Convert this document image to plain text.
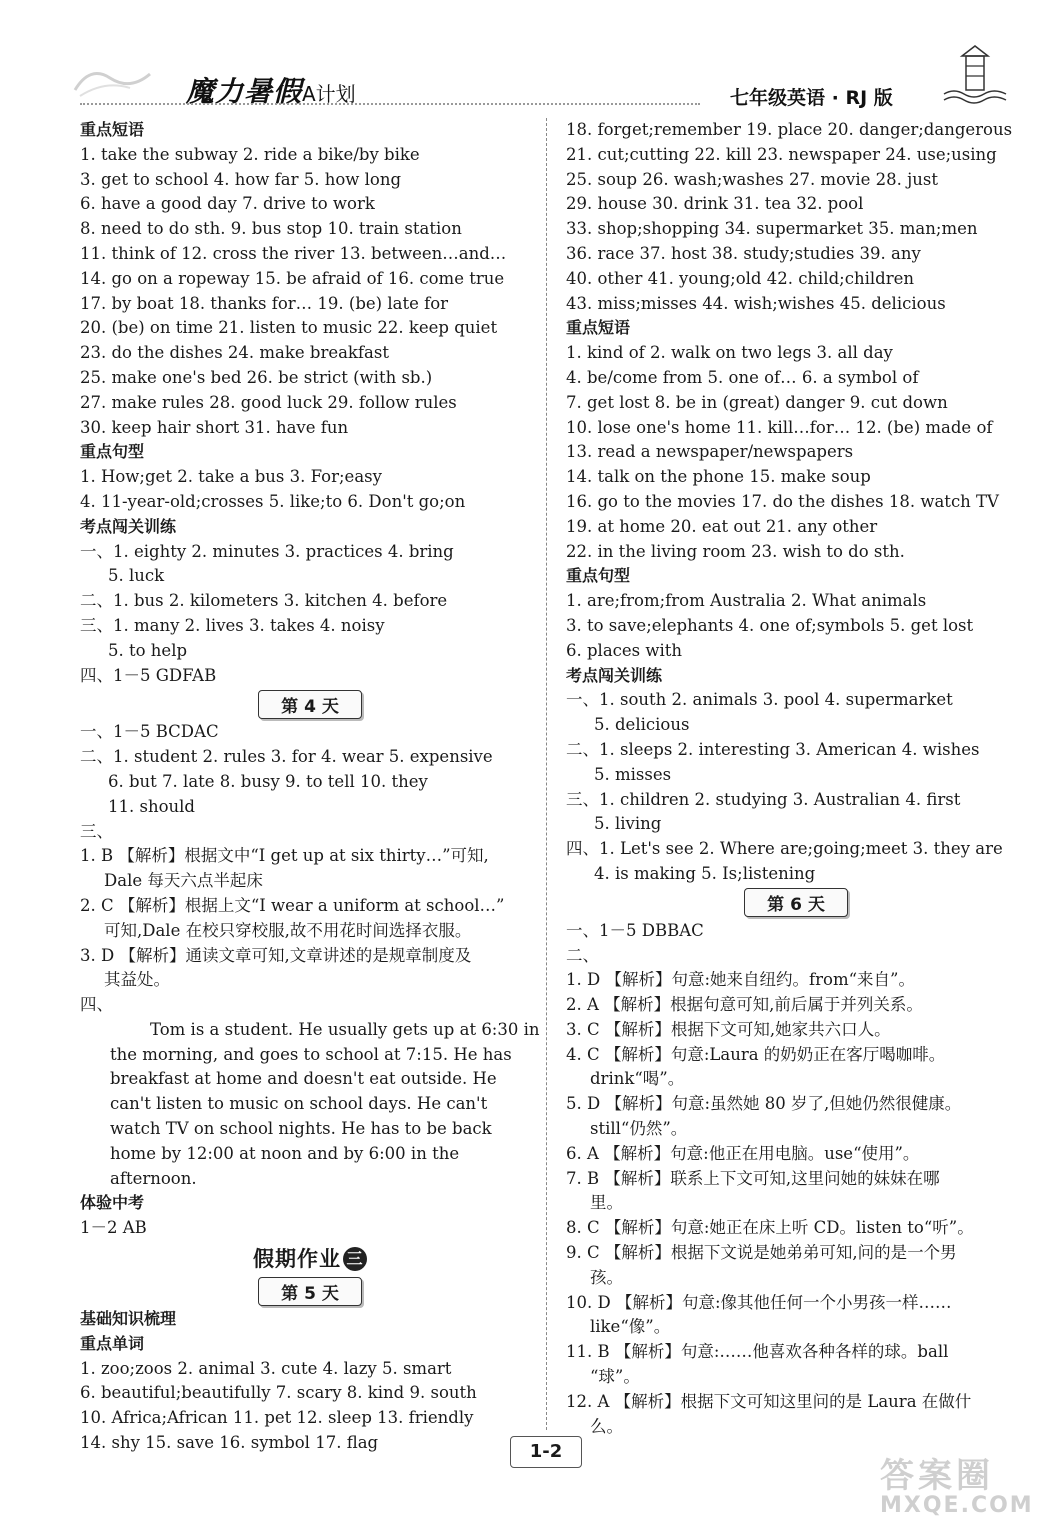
魔力暑假 A计划	七年级英语 · RJ 版
重点短语
1. take the subway 2. ride a bike/by bike
3. get to school 4. how far 5. how long
6. have a good day 7. drive to work
8. need to do sth. 9. bus stop 10. train station
11. think of 12. cross the river 13. between…and…
14. go on a ropeway 15. be afraid of 16. come true
17. by boat 18. thanks for… 19. (be) late for
20. (be) on time 21. listen to music 22. keep quiet
23. do the dishes 24. make breakfast
25. make one's bed 26. be strict (with sb.)
27. make rules 28. good luck 29. follow rules
30. keep hair short 31. have fun
重点句型
1. How;get 2. take a bus 3. For;easy
4. 11-year-old;crosses 5. like;to 6. Don't go;on
考点闯关训练
一、1. eighty 2. minutes 3. practices 4. bring
5. luck
二、1. bus 2. kilometers 3. kitchen 4. before
三、1. many 2. lives 3. takes 4. noisy
5. to help
四、1－5 GDFAB
第 4 天
一、1－5 BCDAC
二、1. student 2. rules 3. for 4. wear 5. expensive
6. but 7. late 8. busy 9. to tell 10. they
11. should
三、
1. B 【解析】根据文中“I get up at six thirty…”可知,
Dale 每天六点半起床
2. C 【解析】根据上文“I wear a uniform at school…”
可知,Dale 在校只穿校服,故不用花时间选择衣服。
3. D 【解析】通读文章可知,文章讲述的是规章制度及
其益处。
四、
Tom is a student. He usually gets up at 6:30 in the morning, and goes to school at 7:15. He has breakfast at home and doesn't eat outside. He can't listen to music on school days. He can't watch TV on school nights. He has to be back home by 12:00 at noon and by 6:00 in the afternoon.
体验中考
1－2 AB
假期作业 三
第 5 天
基础知识梳理
重点单词
1. zoo;zoos 2. animal 3. cute 4. lazy 5. smart
6. beautiful;beautifully 7. scary 8. kind 9. south
10. Africa;African 11. pet 12. sleep 13. friendly
14. shy 15. save 16. symbol 17. flag
18. forget;remember 19. place 20. danger;dangerous
21. cut;cutting 22. kill 23. newspaper 24. use;using
25. soup 26. wash;washes 27. movie 28. just
29. house 30. drink 31. tea 32. pool
33. shop;shopping 34. supermarket 35. man;men
36. race 37. host 38. study;studies 39. any
40. other 41. young;old 42. child;children
43. miss;misses 44. wish;wishes 45. delicious
重点短语
1. kind of 2. walk on two legs 3. all day
4. be/come from 5. one of… 6. a symbol of
7. get lost 8. be in (great) danger 9. cut down
10. lose one's home 11. kill…for… 12. (be) made of
13. read a newspaper/newspapers
14. talk on the phone 15. make soup
16. go to the movies 17. do the dishes 18. watch TV
19. at home 20. eat out 21. any other
22. in the living room 23. wish to do sth.
重点句型
1. are;from;from Australia 2. What animals
3. to save;elephants 4. one of;symbols 5. get lost
6. places with
考点闯关训练
一、1. south 2. animals 3. pool 4. supermarket
5. delicious
二、1. sleeps 2. interesting 3. American 4. wishes
5. misses
三、1. children 2. studying 3. Australian 4. first
5. living
四、1. Let's see 2. Where are;going;meet 3. they are
4. is making 5. Is;listening
第 6 天
一、1－5 DBBAC
二、
1. D 【解析】句意:她来自纽约。from“来自”。
2. A 【解析】根据句意可知,前后属于并列关系。
3. C 【解析】根据下文可知,她家共六口人。
4. C 【解析】句意:Laura 的奶奶正在客厅喝咖啡。
drink“喝”。
5. D 【解析】句意:虽然她 80 岁了,但她仍然很健康。
still“仍然”。
6. A 【解析】句意:他正在用电脑。use“使用”。
7. B 【解析】联系上下文可知,这里问她的妹妹在哪
里。
8. C 【解析】句意:她正在床上听 CD。listen to“听”。
9. C 【解析】根据下文说是她弟弟可知,问的是一个男
孩。
10. D 【解析】句意:像其他任何一个小男孩一样……
like“像”。
11. B 【解析】句意:……他喜欢各种各样的球。ball
“球”。
12. A 【解析】根据下文可知这里问的是 Laura 在做什
么。
1-2
答案圈
MXQE.COM
